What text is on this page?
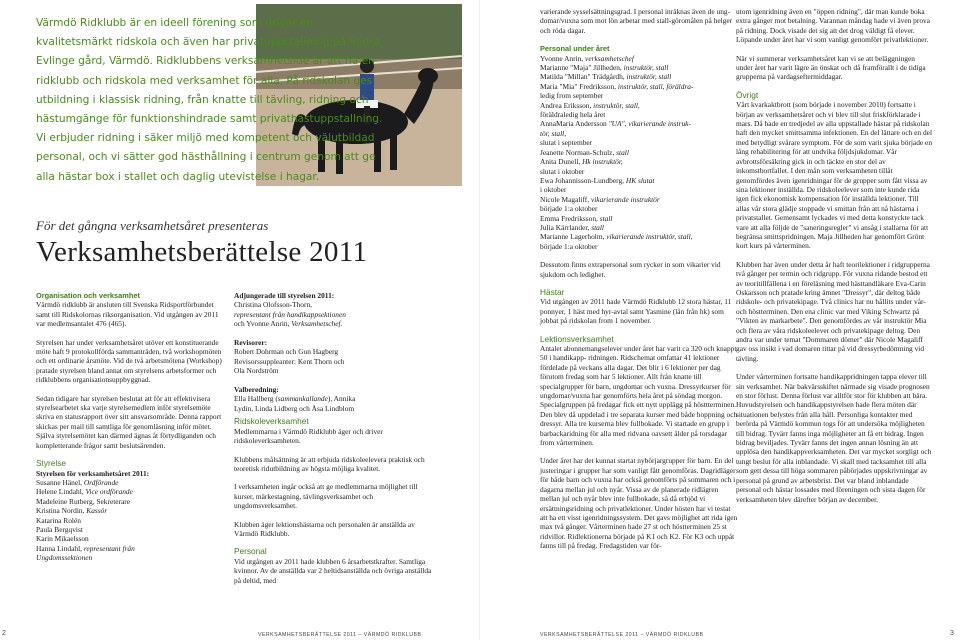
Värmdö Ridklubb är en ideell förening som driver en kvalitetsmärkt ridskola och även har privatuppstallning på Södra Evlinge gård, Värmdö. Ridklubbens verksamhetsidé är att ha en ridklubb och ridskola med verksamhet för alla. På ridskolan ges utbildning i klassisk ridning, från knatte till tävling, ridning och hästumgänge för funktionshindrade samt privathästuppstallning. Vi erbjuder ridning i säker miljö med kompetent och välutbildad personal, och vi sätter god hästhållning i centrum genom att ge alla hästar box i stallet och daglig utevistelse i hagar.
För det gångna verksamhetsåret presenteras
Verksamhetsberättelse 2011
Organisation och verksamhet

Värmdö ridklubb är ansluten till Svenska Ridsportförbundet samt till Ridskolornas riksorganisation. Vid utgången av 2011 var medlemsantalet 476 (465).

Styrelsen har under verksamhetsåret utöver ett konstituerande möte haft 9 protokollförda sammanträden, två workshopmöten och ett ordinarie årsmöte. Vid de två arbetsmötena (Workshop) pratade styrelsen bland annat om styrelsens arbetsformer och ridklubbens organisationsuppbyggnad.

Sedan tidigare har styrelsen beslutat att för att effektivisera styrelsearbetet ska varje styrelsemedlem inför styrelsemöte skriva en statusrapport över sitt ansvarsområde. Denna rapport skickas per mail till samtliga för genomläsning inför mötet. Själva styrelsemötet kan därmed ägnas åt förtydliganden och kompletterande frågor samt beslutsärenden.

Styrelse
Styrelsen för verksamhetsåret 2011:
Susanne Hänel, Ordförande
Helene Lindahl, Vice ordförande
Madeleine Rutberg, Sekreterare
Kristina Nordin, Kassör
Katarina Rolén
Paula Bergqvist
Karin Mikaelsson
Hanna Lindahl, representant från
Ungdomssektionen
Adjungerade till styrelsen 2011:
Christina Olofsson-Thorn,
representant från handikappsektionen
och Yvonne Anrin, Verksamhetschef.

Revisorer:
Robert Dohrman och Gun Hagberg
Revisorssuppleanter: Kent Thorn och
Ola Nordström

Valberedning:
Ella Hallberg (sammankallande), Annika
Lydin, Linda Lidberg och Åsa Lindblom
Ridskoleverksamhet

Medlemmarna i Värmdö Ridklubb äger och driver ridskoleverksamheten.

Klubbens målsättning är att erbjuda ridskoleelevera praktisk och teoretisk ridutbildning av högsta möjliga kvalitet.

I verksamheten ingår också att ge medlemmarna möjlighet till kurser, märkestagning, tävlingsverksamhet och ungdomsverksamhet.

Klubben äger lektionshästarna och personalen är anställda av Värmdö Ridklubb.

Personal

Vid utgången av 2011 hade klubben 6 årsarbetstkrafter. Samtliga kvinnor. Av de anställda var 2 heltidsanställda och övriga anställda på deltid, med

2	VERKSAMHETSBERÄTTELSE 2011 – VÄRMDÖ RIDKLUBB

varierande sysselsättningsgrad. I personal inräknas även de ung-domar/vuxna som mot lön arbetar med stall-göromålen på helger och röda dagar.

Personal under året
Yvonne Anrin, verksamhetschef
Marianne "Maja" Jillheden, instruktör, stall
Matilda "Millan" Trädgårdh, instruktör, stall
Maria "Mia" Fredriksson, instruktör, stall, föräldra-
ledig from september
Andrea Eriksson, instruktör, stall,
föräldraledig hela året
AnnaMaria Andersson "UA", vikarierande instruk-
tör, stall,
slutat i september
Jeanette Norman-Schulz, stall
Anita Dunell, Hk instruktör,
slutat i oktober
Ewa Johannisson-Lundberg, HK slutat
i oktober
Nicole Magaliff, vikarierande instruktör
började 1:a oktober
Emma Fredriksson, stall
Julia Kärrlander, stall
Marianne Lagerholm, vikarierande instruktör, stall,
började 1:a oktober

Dessutom finns extrapersonal som rycker in som vikarier vid sjukdom och ledighet.

Hästar

Vid utgången av 2011 hade Värmdö Ridklubb 12 stora hästar, 11 ponnyer, 1 häst med hyr-avtal samt Yasmine (lån från hk) som jobbat på ridskolan from 1 november.

Lektionsverksamhet

Antalet abonnemangselever under året har varit ca 320 och knappt 50 i handikapp- ridningen. Ridschemat omfattar 41 lektioner fördelade på veckans alla dagar. Det blir i 6 lektioner per dag förutom fredag som har 5 lektioner. Allt från knatte till specialgrupper för barn, ungdomar och vuxna. Dressyrkurser för ungdomar/vuxna har genomförts hela året på söndag morgon. Specialgruppen på fredagar fick ett nytt upplägg på hösttterminen. Den blev då uppdelad i tre separata kurser med både hoppning och dressyr. Alla tre kurserna blev fullbokade. Vi startade en grupp i barbackaridning för alla med ridvana oavsett ålder på torsdagar from vårterminen.

Under året har det kunnat startat nybörjargrupper för barn. En del justeringar i grupper har som vanligt fått genomföras. Dagridläger för både barn och vuxna har också genomförts på sommaren och i dagarna mellan jul och nyår. Vissa av de planerade ridlägren mellan jul och nyår blev inte fullbokade, så då erbjöd vi ersättningsridning och privatlektioner. Under hösten har vi testat att ha ett visst igenridningssystem. Det gavs möjlighet att rida igen max två gånger. Vårterminen hade 27 st och höstterminen 25 st ridvillor. Ridlektionerna började på K1 och K2. För K3 och uppåt fanns till på fredag. Fredagstiden var för-

utom igenridning även en "öppen ridning", där man kunde boka extra gånger mot betalning. Varannan måndag hade vi även prova på ridning. Dock visade det sig att det drog väldigt få elever. Löpande under året har vi som vanligt genomfört privatlektioner.

När vi summerar verksamhetsåret kan vi se att beläggningen under året har varit lägre än önskat och då framförallt i de tidiga grupperna på vardagseftermiddagar.

Övrigt

Vårt kvarkaktbrott (som började i november 2010) fortsatte i början av verksamhetsåret och vi blev till slut friskförklarade i mars. Då hade en tredjedel av alla uppstallade hästar på ridskolan haft den mycket smittsamma infektionen. En del lättare och en del med betydligt svårare symptom. För de som varit sjuka började en lång rehabilitering för att undvika följdsjukdomar. Vår avbrottsförsäkring gick in och täckte en stor del av inkomstbortfallet. I den mån som verksamheten tillåt genomfördes även igenridningar för de grupper som fått vissa av sina lektioner inställda. De ridskoleelever som inte kunde rida igen fick ekonomisk kompensation för inställda lektioner. Till allas vår stora glädje stoppade vi smittan från att nå hästarna i privatstallet. Gemensamt lyckades vi med detta konstyckte tack vare att alla följde de "saneringsregler" vi ansåg i stallarna för att begränsa smittspridningen. Maja Jillheden har genomfört Grönt kort kurs på vårterminen.

Klubben har även under detta år haft teorilektioner i ridgrupperna två gånger per termin och ridgrupp. För vuxna ridande bestod ett av teoritillfällena i en föreläsning med hästtandläkare Eva-Carin Oskarsson och pratade kring ämnet "Dressyr", där deltog både ridskole- och privatekipage. Två clinics har nu hållits under vår- och höstterminen. Den ena clinic var med Viking Schwartz på "Vikten av markarbete". Den genomfördes av vår instruktör Mia och flera av våra ridskoleelever och privatekipage deltog. Den andra var under temat "Dommaren dömer" där Nicole Magaliff gav oss insikt i vad domaren tittar på vid dressyrbedömning vid tävling.

Under vårterminen fortsatte handikappridningen tappa elever till sin verksamhet. När bakvärsskiftet närmade sig visade prognosen en stor förlust. Denna förlust var alltför stor för klubben att bära. Huvudstyrelsen och handikappstyrelsen hade flera möten där situationen belystes från alla håll. Personliga kontakter med berörda på Värmdö kommun togs för att undersöka möjligheten till bidrag. Tyvärr fanns inga möjligheter att få ett bidrag. Ingen bidrag beviljades. Tyvärr fanns det ingen annan lösning än att upplösa den handikappverksamheten. Det var mycket sorgligt och tungt beslut för alla inblandade. Vi skall med tacksamhet till alla som gett dessa till höga sommaren påbörjades uppskrivningar av personal på grund av arbetsbrist. Det var bland inblandade personal och hästar lossades med föreningen och sista dagen för verksamheten blev därefter början av december.

VERKSAMHETSBERÄTTELSE 2011 – VÄRMDÖ RIDKLUBB	3
